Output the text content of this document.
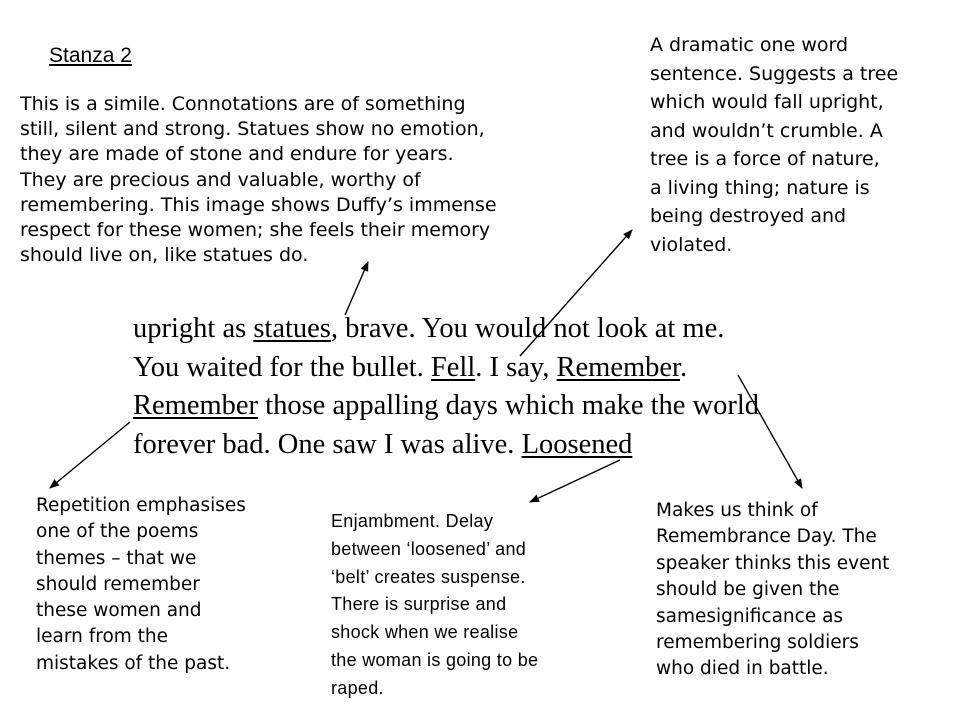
Stanza 2

This is a simile. Connotations are of something
still, silent and strong. Statues show no emotion,
they are made of stone and endure for years.
They are precious and valuable, worthy of
remembering. This image shows Duffy’s immense
respect for these women; she feels their memory
should live on, like statues do.

A dramatic one word
sentence. Suggests a tree
which would fall upright,
and wouldn’t crumble. A
tree is a force of nature,
a living thing; nature is
being destroyed and
violated.

Repetition emphasises
one of the poems
themes – that we
should remember
these women and
learn from the
mistakes of the past.

Enjambment. Delay
between ‘loosened’ and
‘belt’ creates suspense.
There is surprise and
shock when we realise
the woman is going to be
raped.

Makes us think of
Remembrance Day. The
speaker thinks this event
should be given the
samesignificance as
remembering soldiers
who died in battle.

upright as statues, brave. You would not look at me.
You waited for the bullet. Fell. I say, Remember.
Remember those appalling days which make the world
forever bad. One saw I was alive. Loosened
